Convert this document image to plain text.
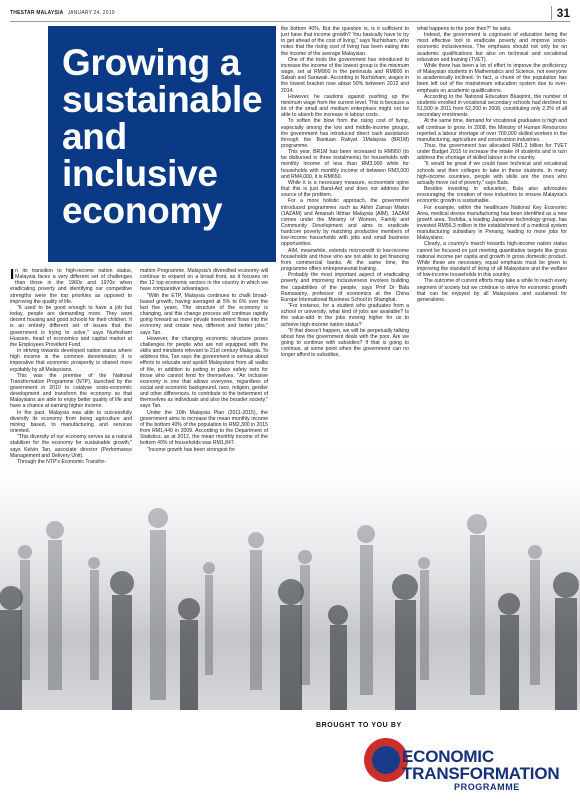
THESTAR MALAYSIA JANUARY 24, 2019	31
Growing a sustainable and inclusive economy

In its transition to high-income nation status, Malaysia faces a very different set of challenges than those in the 1960s and 1970s when eradicating poverty and identifying our competitive strengths were the top priorities as opposed to improving the quality of life.

"It used to be good enough to have a job but today, people are demanding more. They want decent housing and good schools for their children. It is an entirely different set of issues that the government is trying to solve," says Nurhisham Hussein, head of economics and capital market at the Employees Provident Fund.

In striving towards developed nation status where high income is the common denominator, it is imperative that economic prosperity is shared more equitably by all Malaysians.

This was the premise of the National Transformation Programme (NTP), launched by the government in 2010 to catalyse socio-economic development and transform the economy so that Malaysians are able to enjoy better quality of life and have a chance at earning higher income.

In the past, Malaysia was able to successfully diversify its economy from being agriculture and mining based, to manufacturing and services oriented.

"This diversity of our economy serves as a natural stabiliser for the economy for sustainable growth," says Kelvin Tan, associate director (Performance Management and Delivery Unit).

Through the NTP's Economic Transfor-

mation Programme, Malaysia's diversified economy will continue to expand on a broad front, as it focuses on the 12 top economic sectors in the country in which we have comparative advantages.

"With the ETP, Malaysia continues to chalk broad-based growth, having averaged at 5% to 6% over the last five years. The structure of the economy is changing, and this change process will continue rapidly going forward as more private investment flows into the economy and create new, different and better jobs," says Tan.

However, the changing economic structure poses challenges for people who are not equipped with the skills and mindsets relevant to 21st century Malaysia. To address this, Tan says the government is serious about efforts to educate and upskill Malaysians from all walks of life, in addition to putting in place safety nets for those who cannot fend for themselves. "An inclusive economy is one that allows everyone, regardless of social and economic background, race, religion, gender and other differences, to contribute to the betterment of themselves as individuals and also the broader society," says Tan.

Under the 10th Malaysia Plan (2011-2015), the government aims to increase the mean monthly income of the bottom 40% of the population to RM2,300 in 2015 from RM1,440 in 2009. According to the Department of Statistics, as at 2012, the mean monthly income of the bottom 40% of households was RM1,847.

"Income growth has been strongest for

the bottom 40%. But the question is, is it sufficient to just have that income growth? You basically have to try to get ahead of the cost of living," says Nurhisham, who notes that the rising cost of living has been eating into the income of the average Malaysian.

One of the tools the government has introduced to increase the income of the lowest group is the minimum wage, set at RM900 in the peninsula and RM800 in Sabah and Sarawak. According to Nurhisham, wages in the lowest bracket rose about 50% between 2012 and 2014.

However, he cautions against pushing up the minimum wage from the current level. This is because a lot of the small and medium enterprises might not be able to absorb the increase in labour costs.

To soften the blow from the rising cost of living, especially among the low and middle-income groups, the government has introduced direct cash assistance through the Bantuan Rakyat 1Malaysia (BR1M) programme.

This year, BR1M has been increased to RM950 (to be disbursed in three instalments) for households with monthly income of less than RM3,000 while for households with monthly income of between RM3,000 and RM4,000, it is RM650.

While it is a necessary measure, economists opine that this is just Band-Aid and does not address the source of the problem.

For a more holistic approach, the government introduced programmes such as Akhiri Zaman Miskin (1AZAM) and Amanah Ikhtiar Malaysia (AIM). 1AZAM comes under the Ministry of Women, Family and Community Development and aims to eradicate hardcore poverty by matching productive members of low-income households with jobs and small business opportunities.

AIM, meanwhile, extends microcredit to low-income households and those who are not able to get financing from commercial banks. At the same time, the programme offers entrepreneurial training.

Probably the most important aspect of eradicating poverty and improving inclusiveness involves building the capabilities of the people, says Prof Dr Bala Ramasamy, professor of economics at the China Europe International Business School in Shanghai.

"For instance, for a student who graduates from a school or university, what kind of jobs are available? Is the value-add in the jobs moving higher for us to achieve high-income nation status?

"If that doesn't happen, we will be perpetually talking about how the government deals with the poor. Are we going to continue with subsidies? If that is going to continue, at some point when the government can no longer afford to subsidise,

what happens to the poor then?" he asks.

Indeed, the government is cognisant of education being the most effective tool to eradicate poverty and improve socio-economic inclusiveness. The emphasis should not only be on academic qualifications but also on technical and vocational education and training (TVET).

While there has been a lot of effort to improve the proficiency of Malaysian students in Mathematics and Science, not everyone is academically inclined. In fact, a chunk of the population has been left out of the mainstream education system due to over-emphasis on academic qualifications.

According to the National Education Blueprint, the number of students enrolled in vocational secondary schools had declined to 51,500 in 2011 from 62,200 in 2008, constituting only 2.2% of all secondary enrolments.

At the same time, demand for vocational graduates is high and will continue to grow. In 2008, the Ministry of Human Resources reported a labour shortage of over 700,000 skilled workers in the manufacturing, agriculture and construction industries.

Thus, the government has allocated RM1.2 billion for TVET under Budget 2015 to increase the intake of students and in turn address the shortage of skilled labour in the country.

"It would be great if we could have technical and vocational schools and then colleges to take in these students. In many high-income countries, people with skills are the ones who actually move out of poverty," says Bala.

Besides investing in education, Bala also advocates encouraging the creation of new industries to ensure Malaysia's economic growth is sustainable.

For example, within the healthcare National Key Economic Area, medical device manufacturing has been identified as a new growth area. Toshiba, a leading Japanese technology group, has invested RM56.3 million in the establishment of a medical system manufacturing subsidiary in Penang, leading to more jobs for Malaysians.

Clearly, a country's march towards high-income nation status cannot be focused on just meeting quantitative targets like gross national income per capita and growth in gross domestic product. While these are necessary, equal emphasis must be given to improving the standard of living of all Malaysians and the welfare of low-income households in this country.

The outcome of current efforts may take a while to reach every segment of society but we continue to strive for economic growth that can be enjoyed by all Malaysians and sustained for generations.

BROUGHT TO YOU BY
ECONOMIC
TRANSFORMATION
PROGRAMME
